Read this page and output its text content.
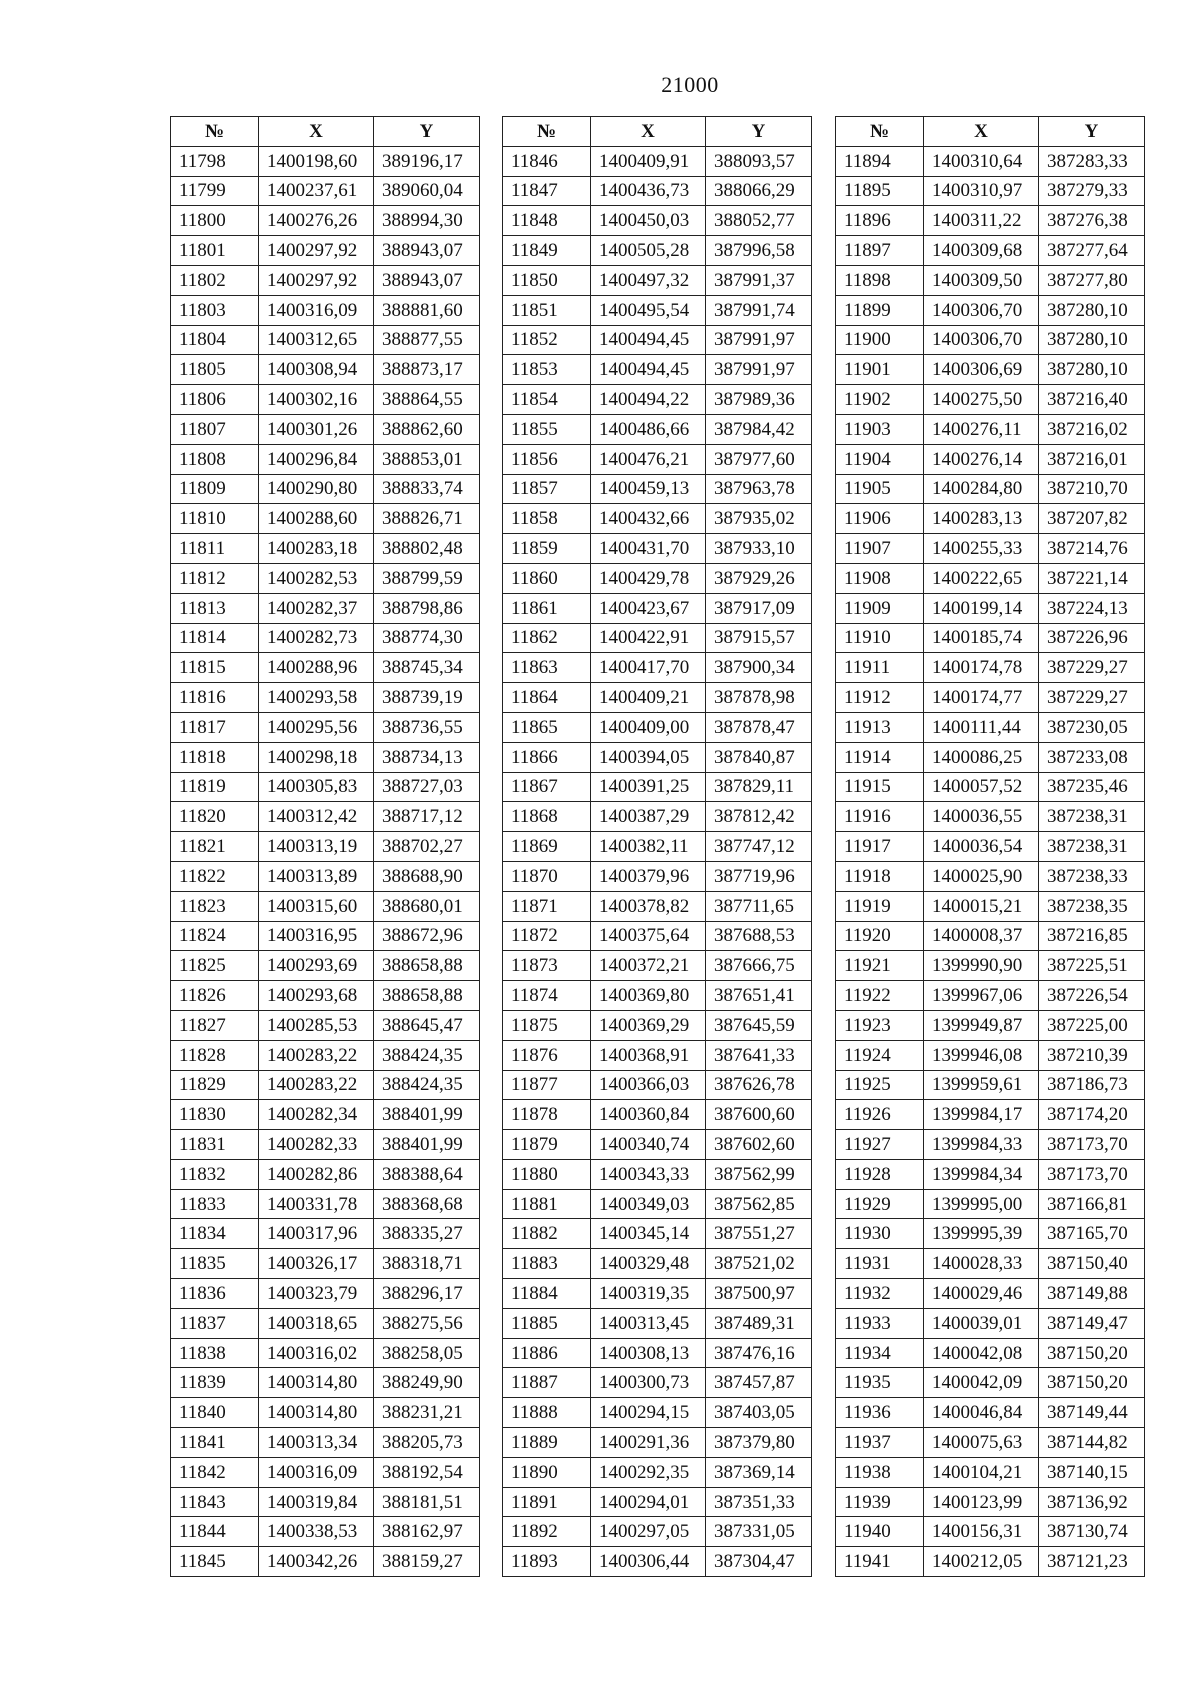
21000
№	X	Y
11798	1400198,60	389196,17
11799	1400237,61	389060,04
11800	1400276,26	388994,30
11801	1400297,92	388943,07
11802	1400297,92	388943,07
11803	1400316,09	388881,60
11804	1400312,65	388877,55
11805	1400308,94	388873,17
11806	1400302,16	388864,55
11807	1400301,26	388862,60
11808	1400296,84	388853,01
11809	1400290,80	388833,74
11810	1400288,60	388826,71
11811	1400283,18	388802,48
11812	1400282,53	388799,59
11813	1400282,37	388798,86
11814	1400282,73	388774,30
11815	1400288,96	388745,34
11816	1400293,58	388739,19
11817	1400295,56	388736,55
11818	1400298,18	388734,13
11819	1400305,83	388727,03
11820	1400312,42	388717,12
11821	1400313,19	388702,27
11822	1400313,89	388688,90
11823	1400315,60	388680,01
11824	1400316,95	388672,96
11825	1400293,69	388658,88
11826	1400293,68	388658,88
11827	1400285,53	388645,47
11828	1400283,22	388424,35
11829	1400283,22	388424,35
11830	1400282,34	388401,99
11831	1400282,33	388401,99
11832	1400282,86	388388,64
11833	1400331,78	388368,68
11834	1400317,96	388335,27
11835	1400326,17	388318,71
11836	1400323,79	388296,17
11837	1400318,65	388275,56
11838	1400316,02	388258,05
11839	1400314,80	388249,90
11840	1400314,80	388231,21
11841	1400313,34	388205,73
11842	1400316,09	388192,54
11843	1400319,84	388181,51
11844	1400338,53	388162,97
11845	1400342,26	388159,27
№	X	Y
11846	1400409,91	388093,57
11847	1400436,73	388066,29
11848	1400450,03	388052,77
11849	1400505,28	387996,58
11850	1400497,32	387991,37
11851	1400495,54	387991,74
11852	1400494,45	387991,97
11853	1400494,45	387991,97
11854	1400494,22	387989,36
11855	1400486,66	387984,42
11856	1400476,21	387977,60
11857	1400459,13	387963,78
11858	1400432,66	387935,02
11859	1400431,70	387933,10
11860	1400429,78	387929,26
11861	1400423,67	387917,09
11862	1400422,91	387915,57
11863	1400417,70	387900,34
11864	1400409,21	387878,98
11865	1400409,00	387878,47
11866	1400394,05	387840,87
11867	1400391,25	387829,11
11868	1400387,29	387812,42
11869	1400382,11	387747,12
11870	1400379,96	387719,96
11871	1400378,82	387711,65
11872	1400375,64	387688,53
11873	1400372,21	387666,75
11874	1400369,80	387651,41
11875	1400369,29	387645,59
11876	1400368,91	387641,33
11877	1400366,03	387626,78
11878	1400360,84	387600,60
11879	1400340,74	387602,60
11880	1400343,33	387562,99
11881	1400349,03	387562,85
11882	1400345,14	387551,27
11883	1400329,48	387521,02
11884	1400319,35	387500,97
11885	1400313,45	387489,31
11886	1400308,13	387476,16
11887	1400300,73	387457,87
11888	1400294,15	387403,05
11889	1400291,36	387379,80
11890	1400292,35	387369,14
11891	1400294,01	387351,33
11892	1400297,05	387331,05
11893	1400306,44	387304,47
№	X	Y
11894	1400310,64	387283,33
11895	1400310,97	387279,33
11896	1400311,22	387276,38
11897	1400309,68	387277,64
11898	1400309,50	387277,80
11899	1400306,70	387280,10
11900	1400306,70	387280,10
11901	1400306,69	387280,10
11902	1400275,50	387216,40
11903	1400276,11	387216,02
11904	1400276,14	387216,01
11905	1400284,80	387210,70
11906	1400283,13	387207,82
11907	1400255,33	387214,76
11908	1400222,65	387221,14
11909	1400199,14	387224,13
11910	1400185,74	387226,96
11911	1400174,78	387229,27
11912	1400174,77	387229,27
11913	1400111,44	387230,05
11914	1400086,25	387233,08
11915	1400057,52	387235,46
11916	1400036,55	387238,31
11917	1400036,54	387238,31
11918	1400025,90	387238,33
11919	1400015,21	387238,35
11920	1400008,37	387216,85
11921	1399990,90	387225,51
11922	1399967,06	387226,54
11923	1399949,87	387225,00
11924	1399946,08	387210,39
11925	1399959,61	387186,73
11926	1399984,17	387174,20
11927	1399984,33	387173,70
11928	1399984,34	387173,70
11929	1399995,00	387166,81
11930	1399995,39	387165,70
11931	1400028,33	387150,40
11932	1400029,46	387149,88
11933	1400039,01	387149,47
11934	1400042,08	387150,20
11935	1400042,09	387150,20
11936	1400046,84	387149,44
11937	1400075,63	387144,82
11938	1400104,21	387140,15
11939	1400123,99	387136,92
11940	1400156,31	387130,74
11941	1400212,05	387121,23
